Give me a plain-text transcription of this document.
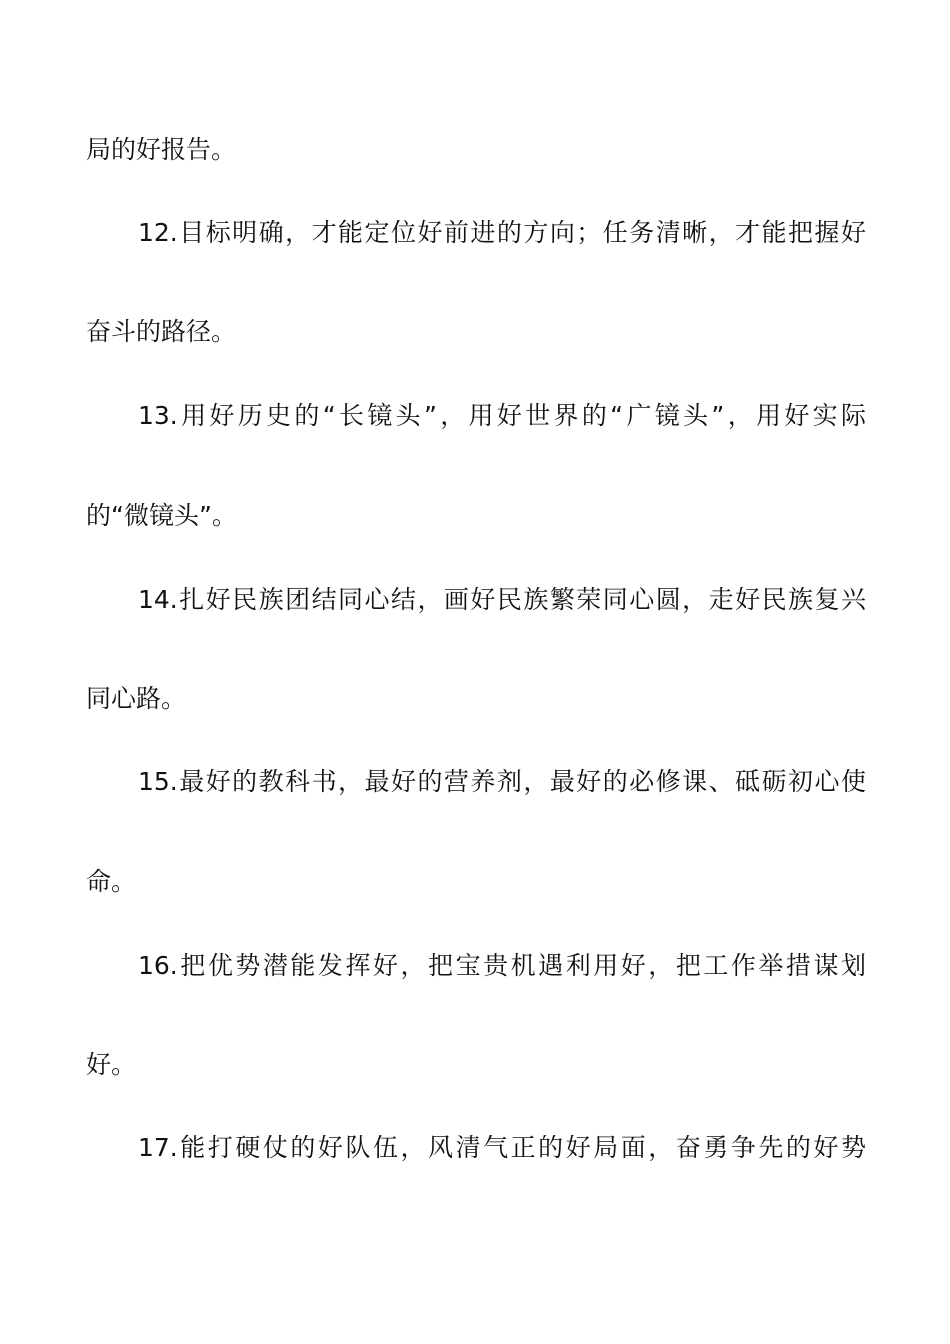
局的好报告。
12.目标明确，才能定位好前进的方向；任务清晰，才能把握好
奋斗的路径。
13.用好历史的“长镜头”，用好世界的“广镜头”，用好实际
的“微镜头”。
14.扎好民族团结同心结，画好民族繁荣同心圆，走好民族复兴
同心路。
15.最好的教科书，最好的营养剂，最好的必修课、砥砺初心使
命。
16.把优势潜能发挥好，把宝贵机遇利用好，把工作举措谋划
好。
17.能打硬仗的好队伍，风清气正的好局面，奋勇争先的好势
